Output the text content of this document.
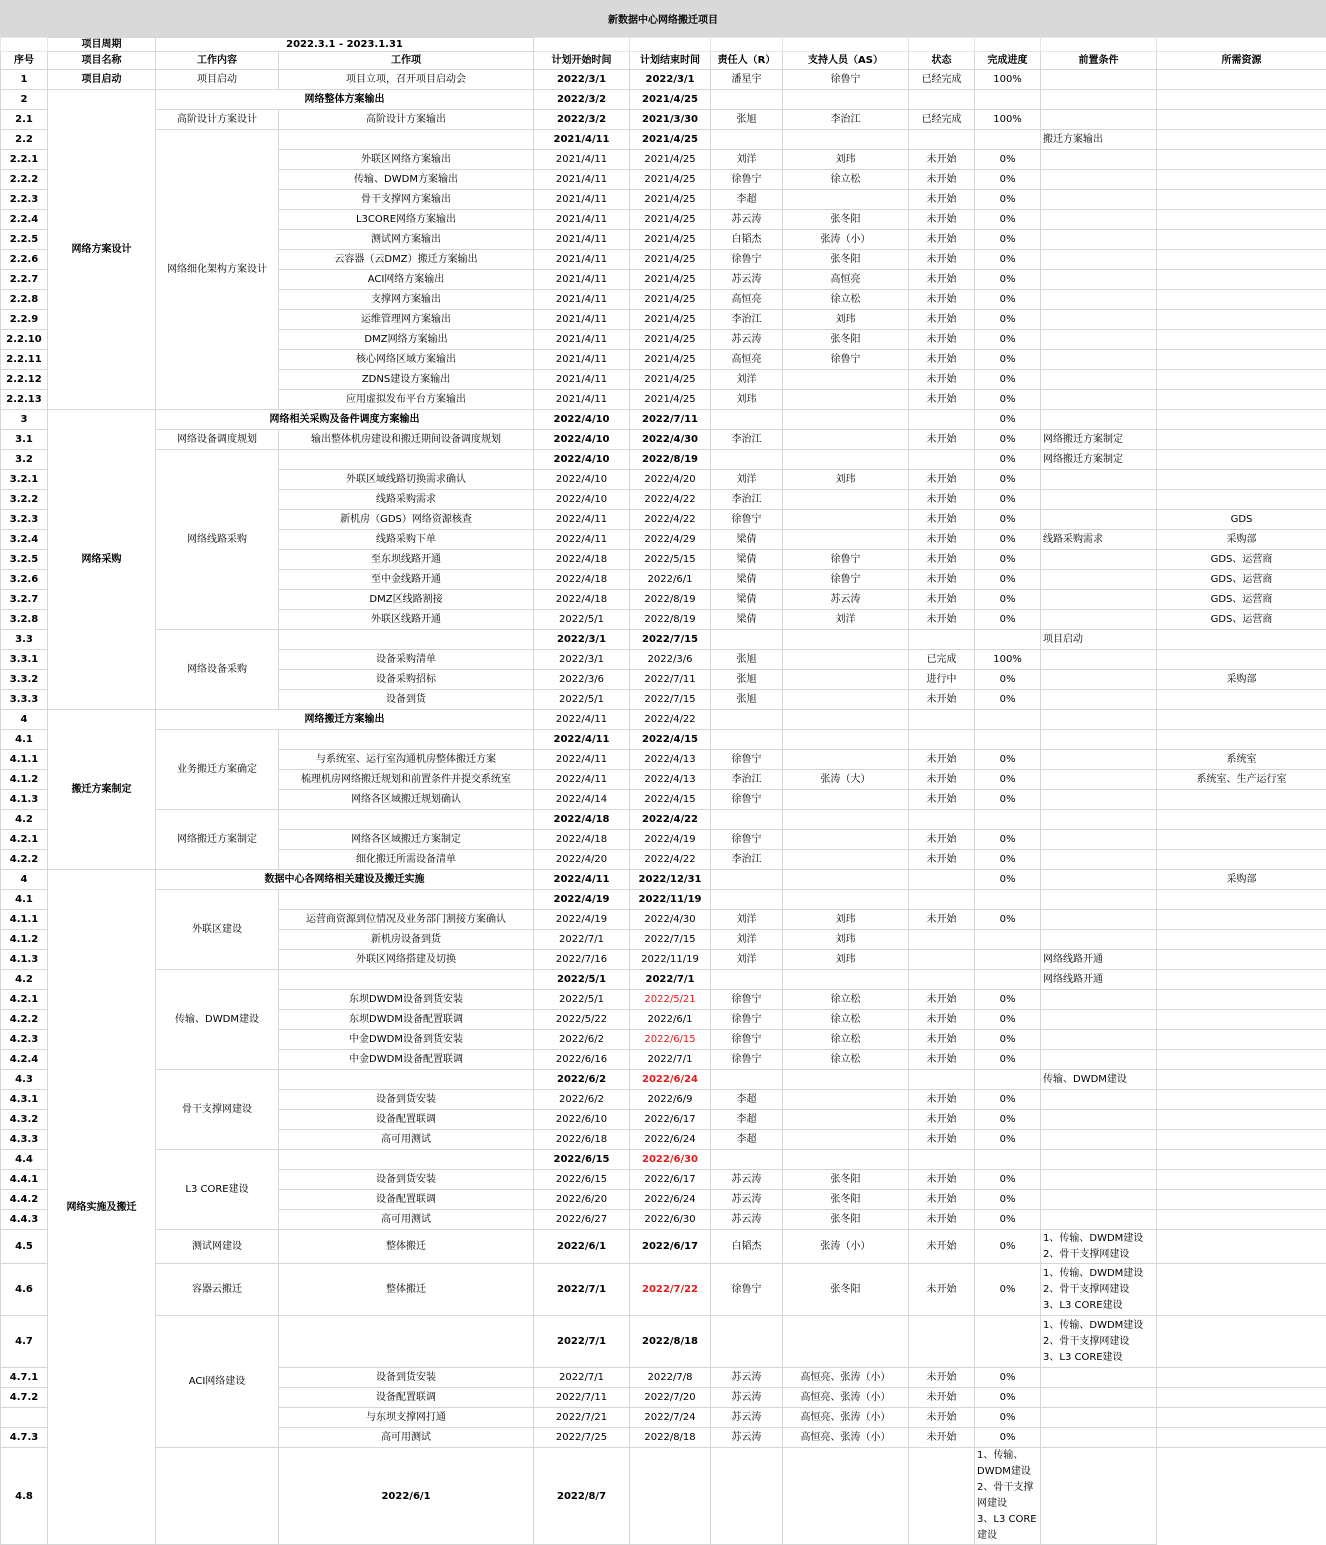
新数据中心网络搬迁项目
	项目周期	2022.3.1 - 2023.1.31									
序号	项目名称	工作内容	工作项	计划开始时间	计划结束时间	责任人（R）	支持人员（AS）	状态	完成进度	前置条件	所需资源
1	项目启动	项目启动	项目立项，召开项目启动会	2022/3/1	2022/3/1	潘星宇	徐鲁宁	已经完成	100%		
2	网络方案设计	网络整体方案输出		2022/3/2	2021/4/25						
2.1		高阶设计方案设计	高阶设计方案输出	2022/3/2	2021/3/30	张旭	李治江	已经完成	100%		
2.2		网络细化架构方案设计		2021/4/11	2021/4/25					搬迁方案输出	
2.2.1			外联区网络方案输出	2021/4/11	2021/4/25	刘洋	刘玮	未开始	0%		
2.2.2			传输、DWDM方案输出	2021/4/11	2021/4/25	徐鲁宁	徐立松	未开始	0%		
2.2.3			骨干支撑网方案输出	2021/4/11	2021/4/25	李超		未开始	0%		
2.2.4			L3CORE网络方案输出	2021/4/11	2021/4/25	苏云涛	张冬阳	未开始	0%		
2.2.5			测试网方案输出	2021/4/11	2021/4/25	白韬杰	张涛（小）	未开始	0%		
2.2.6			云容器（云DMZ）搬迁方案输出	2021/4/11	2021/4/25	徐鲁宁	张冬阳	未开始	0%		
2.2.7			ACI网络方案输出	2021/4/11	2021/4/25	苏云涛	高恒亮	未开始	0%		
2.2.8			支撑网方案输出	2021/4/11	2021/4/25	高恒亮	徐立松	未开始	0%		
2.2.9			运维管理网方案输出	2021/4/11	2021/4/25	李治江	刘玮	未开始	0%		
2.2.10			DMZ网络方案输出	2021/4/11	2021/4/25	苏云涛	张冬阳	未开始	0%		
2.2.11			核心网络区域方案输出	2021/4/11	2021/4/25	高恒亮	徐鲁宁	未开始	0%		
2.2.12			ZDNS建设方案输出	2021/4/11	2021/4/25	刘洋		未开始	0%		
2.2.13			应用虚拟发布平台方案输出	2021/4/11	2021/4/25	刘玮		未开始	0%		
3	网络采购	网络相关采购及备件调度方案输出		2022/4/10	2022/7/11				0%		
3.1		网络设备调度规划	输出整体机房建设和搬迁期间设备调度规划	2022/4/10	2022/4/30	李治江		未开始	0%	网络搬迁方案制定	
3.2		网络线路采购		2022/4/10	2022/8/19				0%	网络搬迁方案制定	
3.2.1			外联区域线路切换需求确认	2022/4/10	2022/4/20	刘洋	刘玮	未开始	0%		
3.2.2			线路采购需求	2022/4/10	2022/4/22	李治江		未开始	0%		
3.2.3			新机房（GDS）网络资源核查	2022/4/11	2022/4/22	徐鲁宁		未开始	0%		GDS
3.2.4			线路采购下单	2022/4/11	2022/4/29	梁倩		未开始	0%	线路采购需求	采购部
3.2.5			至东坝线路开通	2022/4/18	2022/5/15	梁倩	徐鲁宁	未开始	0%		GDS、运营商
3.2.6			至中金线路开通	2022/4/18	2022/6/1	梁倩	徐鲁宁	未开始	0%		GDS、运营商
3.2.7			DMZ区线路割接	2022/4/18	2022/8/19	梁倩	苏云涛	未开始	0%		GDS、运营商
3.2.8			外联区线路开通	2022/5/1	2022/8/19	梁倩	刘洋	未开始	0%		GDS、运营商
3.3		网络设备采购		2022/3/1	2022/7/15					项目启动	
3.3.1			设备采购清单	2022/3/1	2022/3/6	张旭		已完成	100%		
3.3.2			设备采购招标	2022/3/6	2022/7/11	张旭		进行中	0%		采购部
3.3.3			设备到货	2022/5/1	2022/7/15	张旭		未开始	0%		
4	搬迁方案制定	网络搬迁方案输出		2022/4/11	2022/4/22						
4.1		业务搬迁方案确定		2022/4/11	2022/4/15						
4.1.1			与系统室、运行室沟通机房整体搬迁方案	2022/4/11	2022/4/13	徐鲁宁		未开始	0%		系统室
4.1.2			梳理机房网络搬迁规划和前置条件并提交系统室	2022/4/11	2022/4/13	李治江	张涛（大）	未开始	0%		系统室、生产运行室
4.1.3			网络各区域搬迁规划确认	2022/4/14	2022/4/15	徐鲁宁		未开始	0%		
4.2		网络搬迁方案制定		2022/4/18	2022/4/22						
4.2.1			网络各区域搬迁方案制定	2022/4/18	2022/4/19	徐鲁宁		未开始	0%		
4.2.2			细化搬迁所需设备清单	2022/4/20	2022/4/22	李治江		未开始	0%		
4	网络实施及搬迁	数据中心各网络相关建设及搬迁实施		2022/4/11	2022/12/31				0%		采购部
4.1		外联区建设		2022/4/19	2022/11/19						
4.1.1			运营商资源到位情况及业务部门割接方案确认	2022/4/19	2022/4/30	刘洋	刘玮	未开始	0%		
4.1.2			新机房设备到货	2022/7/1	2022/7/15	刘洋	刘玮				
4.1.3			外联区网络搭建及切换	2022/7/16	2022/11/19	刘洋	刘玮			网络线路开通	
4.2		传输、DWDM建设		2022/5/1	2022/7/1					网络线路开通	
4.2.1			东坝DWDM设备到货安装	2022/5/1	2022/5/21	徐鲁宁	徐立松	未开始	0%		
4.2.2			东坝DWDM设备配置联调	2022/5/22	2022/6/1	徐鲁宁	徐立松	未开始	0%		
4.2.3			中金DWDM设备到货安装	2022/6/2	2022/6/15	徐鲁宁	徐立松	未开始	0%		
4.2.4			中金DWDM设备配置联调	2022/6/16	2022/7/1	徐鲁宁	徐立松	未开始	0%		
4.3		骨干支撑网建设		2022/6/2	2022/6/24					传输、DWDM建设	
4.3.1			设备到货安装	2022/6/2	2022/6/9	李超		未开始	0%		
4.3.2			设备配置联调	2022/6/10	2022/6/17	李超		未开始	0%		
4.3.3			高可用测试	2022/6/18	2022/6/24	李超		未开始	0%		
4.4		L3 CORE建设		2022/6/15	2022/6/30						
4.4.1			设备到货安装	2022/6/15	2022/6/17	苏云涛	张冬阳	未开始	0%		
4.4.2			设备配置联调	2022/6/20	2022/6/24	苏云涛	张冬阳	未开始	0%		
4.4.3			高可用测试	2022/6/27	2022/6/30	苏云涛	张冬阳	未开始	0%		
4.5		测试网建设	整体搬迁	2022/6/1	2022/6/17	白韬杰	张涛（小）	未开始	0%	1、传输、DWDM建设
2、骨干支撑网建设	
4.6		容器云搬迁	整体搬迁	2022/7/1	2022/7/22	徐鲁宁	张冬阳	未开始	0%	1、传输、DWDM建设
2、骨干支撑网建设
3、L3 CORE建设	
4.7		ACI网络建设		2022/7/1	2022/8/18					1、传输、DWDM建设
2、骨干支撑网建设
3、L3 CORE建设	
4.7.1			设备到货安装	2022/7/1	2022/7/8	苏云涛	高恒亮、张涛（小）	未开始	0%		
4.7.2			设备配置联调	2022/7/11	2022/7/20	苏云涛	高恒亮、张涛（小）	未开始	0%		
			与东坝支撑网打通	2022/7/21	2022/7/24	苏云涛	高恒亮、张涛（小）	未开始	0%		
4.7.3			高可用测试	2022/7/25	2022/8/18	苏云涛	高恒亮、张涛（小）	未开始	0%		
4.8			2022/6/1	2022/8/7					1、传输、DWDM建设
2、骨干支撑网建设
3、L3 CORE建设		
